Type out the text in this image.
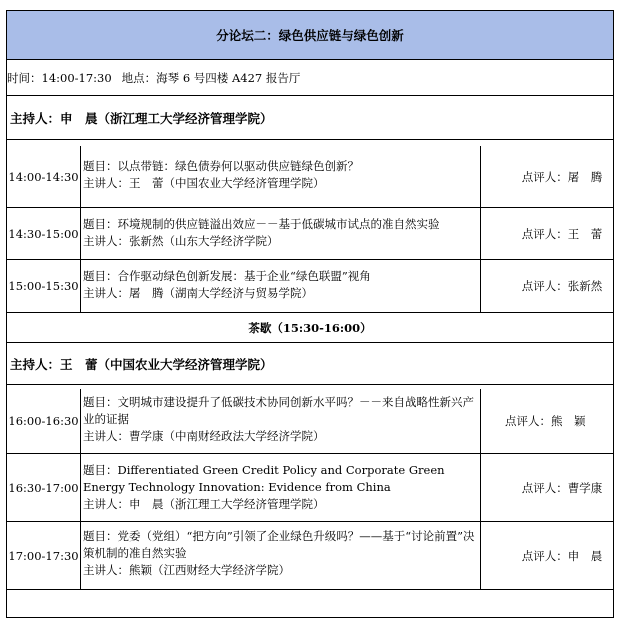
分论坛二：绿色供应链与绿色创新
时间： 14:00-17:30 地点： 海琴 6 号四楼 A427 报告厅
主持人：申　晨（浙江理工大学经济管理学院）
14:00-14:30
题目：以点带链：绿色债券何以驱动供应链绿色创新？
主讲人：王　蕾（中国农业大学经济管理学院）	点评人：屠　腾
14:30-15:00
题目：环境规制的供应链溢出效应－－基于低碳城市试点的准自然实验
主讲人：张新然（山东大学经济学院）
点评人：王　蕾
15:00-15:30
题目：合作驱动绿色创新发展：基于企业“绿色联盟”视角
主讲人：屠　腾（湖南大学经济与贸易学院）	点评人：张新然
茶歇 （15:30-16:00）
主持人：王　蕾（中国农业大学经济管理学院）
16:00-16:30
题目：文明城市建设提升了低碳技术协同创新水平吗？－－来自战略性新兴产业的证据
主讲人：曹学康（中南财经政法大学经济学院）
点评人：熊　颖
16:30-17:00
题目：Differentiated Green Credit Policy and Corporate Green Energy Technology Innovation: Evidence from China
主讲人：申　晨（浙江理工大学经济管理学院）
点评人：曹学康
17:00-17:30
题目：党委（党组）“把方向”引领了企业绿色升级吗？——基于“讨论前置”决策机制的准自然实验
主讲人：熊颖（江西财经大学经济学院）
点评人：申　晨
